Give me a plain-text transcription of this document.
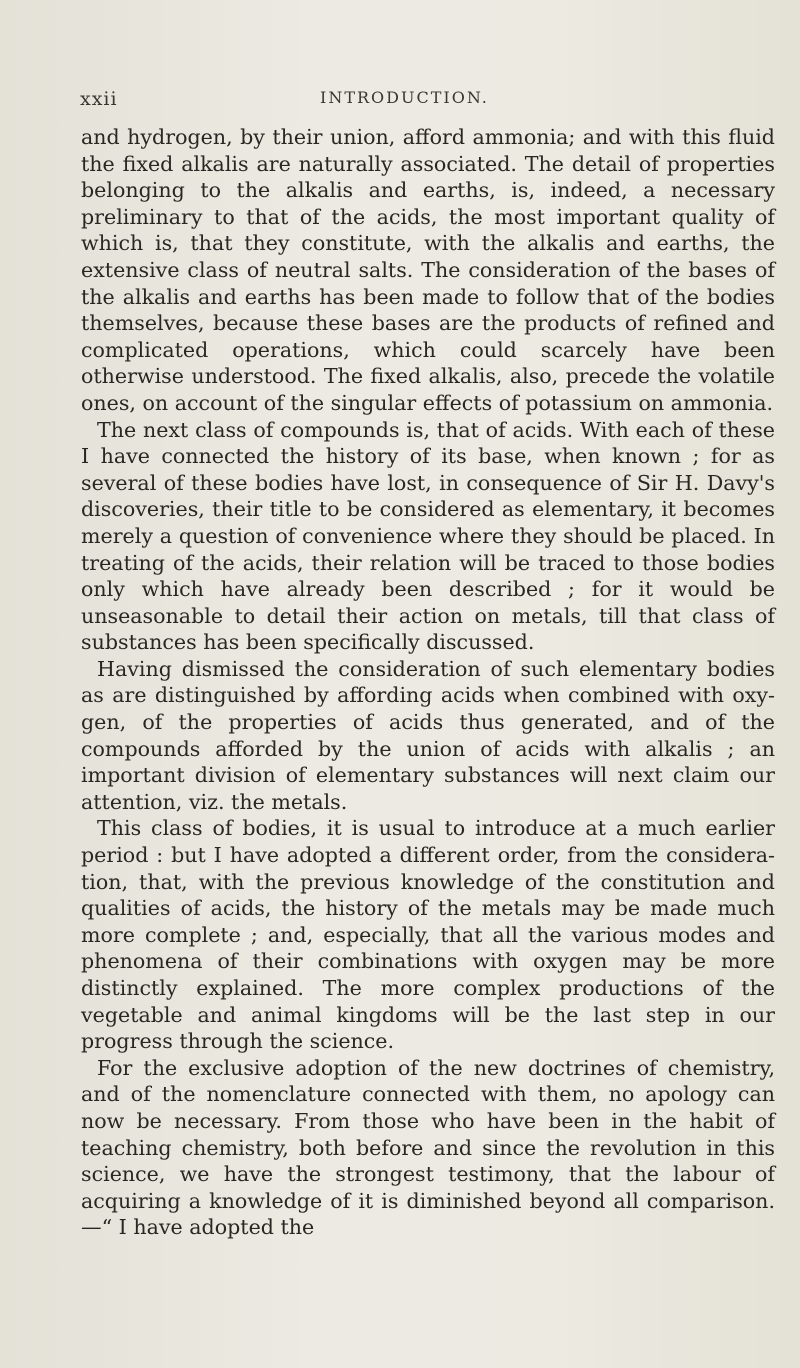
xxii	INTRODUCTION.

and hydrogen, by their union, afford ammonia; and with this fluid the fixed alkalis are naturally associated. The detail of properties belonging to the alkalis and earths, is, indeed, a necessary preliminary to that of the acids, the most important quality of which is, that they constitute, with the alkalis and earths, the extensive class of neutral salts. The consideration of the bases of the alkalis and earths has been made to follow that of the bodies themselves, because these bases are the products of refined and complicated operations, which could scarcely have been otherwise understood. The fixed alkalis, also, precede the volatile ones, on account of the singular effects of potassium on ammonia.

The next class of compounds is, that of acids. With each of these I have connected the history of its base, when known ; for as several of these bodies have lost, in consequence of Sir H. Davy's discoveries, their title to be considered as elementary, it becomes merely a question of convenience where they should be placed. In treating of the acids, their relation will be traced to those bodies only which have already been described ; for it would be unseasonable to detail their action on metals, till that class of substances has been specifically discussed.

Having dismissed the consideration of such elementary bodies as are distinguished by affording acids when combined with oxygen, of the properties of acids thus generated, and of the compounds afforded by the union of acids with alkalis ; an important division of elementary substances will next claim our attention, viz. the metals.

This class of bodies, it is usual to introduce at a much earlier period : but I have adopted a different order, from the consideration, that, with the previous knowledge of the constitution and qualities of acids, the history of the metals may be made much more complete ; and, especially, that all the various modes and phenomena of their combinations with oxygen may be more distinctly explained. The more complex productions of the vegetable and animal kingdoms will be the last step in our progress through the science.

For the exclusive adoption of the new doctrines of chemistry, and of the nomenclature connected with them, no apology can now be necessary. From those who have been in the habit of teaching chemistry, both before and since the revolution in this science, we have the strongest testimony, that the labour of acquiring a knowledge of it is diminished beyond all comparison.—“ I have adopted the
